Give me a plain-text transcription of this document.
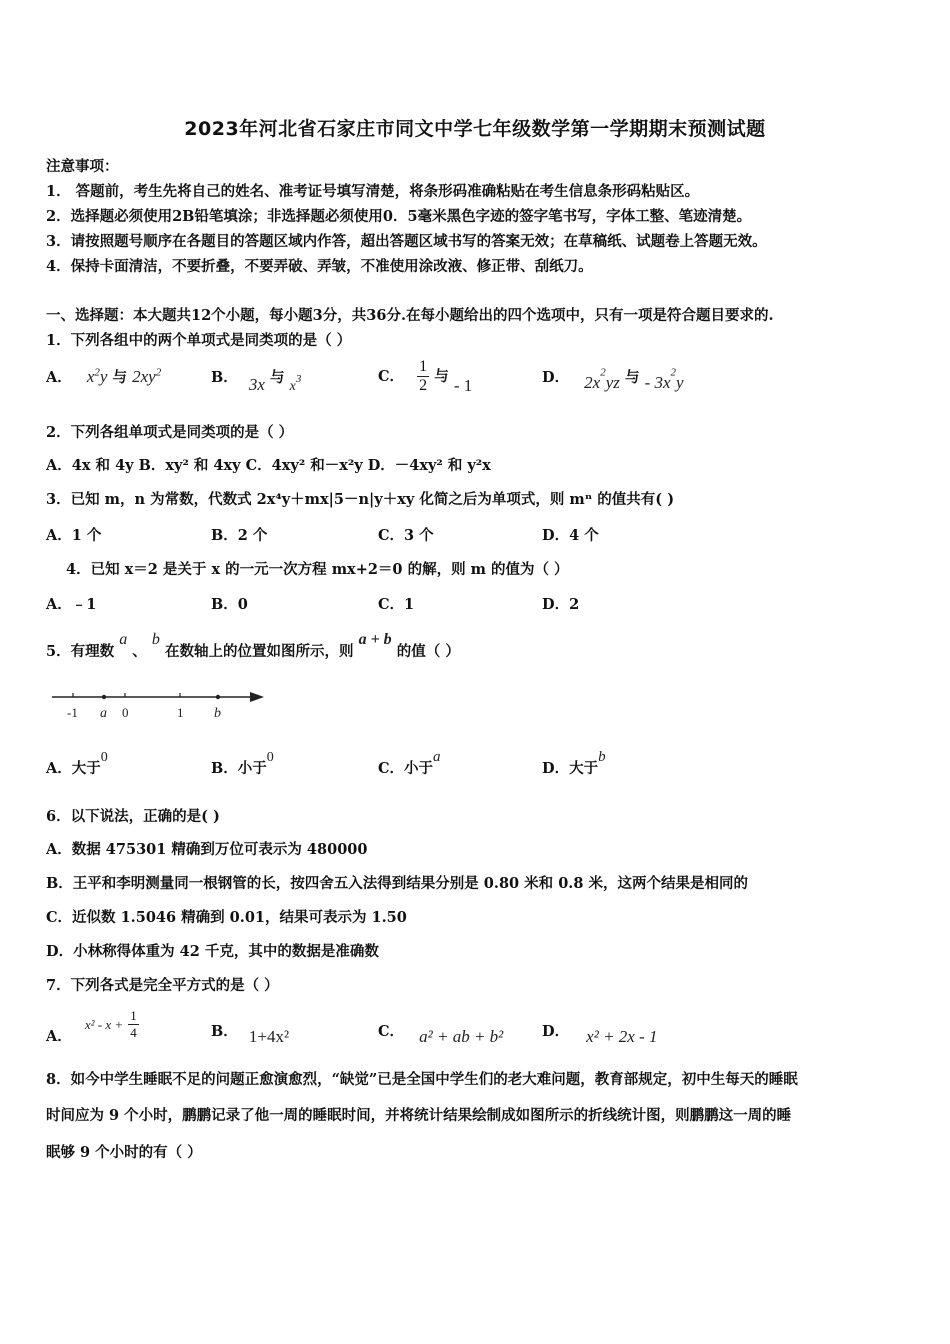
2023年河北省石家庄市同文中学七年级数学第一学期期末预测试题
注意事项：
1． 答题前，考生先将自己的姓名、准考证号填写清楚，将条形码准确粘贴在考生信息条形码粘贴区。
2．选择题必须使用2B铅笔填涂；非选择题必须使用0．5毫米黑色字迹的签字笔书写，字体工整、笔迹清楚。
3．请按照题号顺序在各题目的答题区域内作答，超出答题区域书写的答案无效；在草稿纸、试题卷上答题无效。
4．保持卡面清洁，不要折叠，不要弄破、弄皱，不准使用涂改液、修正带、刮纸刀。
一、选择题：本大题共12个小题，每小题3分，共36分.在每小题给出的四个选项中，只有一项是符合题目要求的.
1．下列各组中的两个单项式是同类项的是（ ）
A． $x^2y$ 与 $2xy^2$	B． 3x 与 $x^3$	C． $\frac{1}{2}$ 与 - 1	D． $2x^2yz$ 与 - $3x^2y$
2．下列各组单项式是同类项的是（ ）
A．4x 和 4y B．xy² 和 4xy C．4xy² 和－x²y D．－4xy² 和 y²x
3．已知 m，n 为常数，代数式 2x⁴y＋mx|5－n|y＋xy 化简之后为单项式，则 mⁿ 的值共有( )
A．1 个	B．2 个	C．3 个	D．4 个
4．已知 x＝2 是关于 x 的一元一次方程 mx+2＝0 的解，则 m 的值为（ ）
A．﹣1	B．0	C．1	D．2
5．有理数 a 、 b 在数轴上的位置如图所示，则 a + b 的值（ ）
-1 a 0	1 b
A．大于0
B．小于0
C．小于a
D．大于b
6．以下说法，正确的是( )
A．数据 475301 精确到万位可表示为 480000
B．王平和李明测量同一根钢管的长，按四舍五入法得到结果分别是 0.80 米和 0.8 米，这两个结果是相同的
C．近似数 1.5046 精确到 0.01，结果可表示为 1.50
D．小林称得体重为 42 千克，其中的数据是准确数
7．下列各式是完全平方式的是（ ）
A． $x^2 - x + \frac{1}{4}$	B． 1+4x²	C． a² + ab + b²	D． x² + 2x - 1
8．如今中学生睡眠不足的问题正愈演愈烈，“缺觉”已是全国中学生们的老大难问题，教育部规定，初中生每天的睡眠
时间应为 9 个小时，鹏鹏记录了他一周的睡眠时间，并将统计结果绘制成如图所示的折线统计图，则鹏鹏这一周的睡
眠够 9 个小时的有（ ）
